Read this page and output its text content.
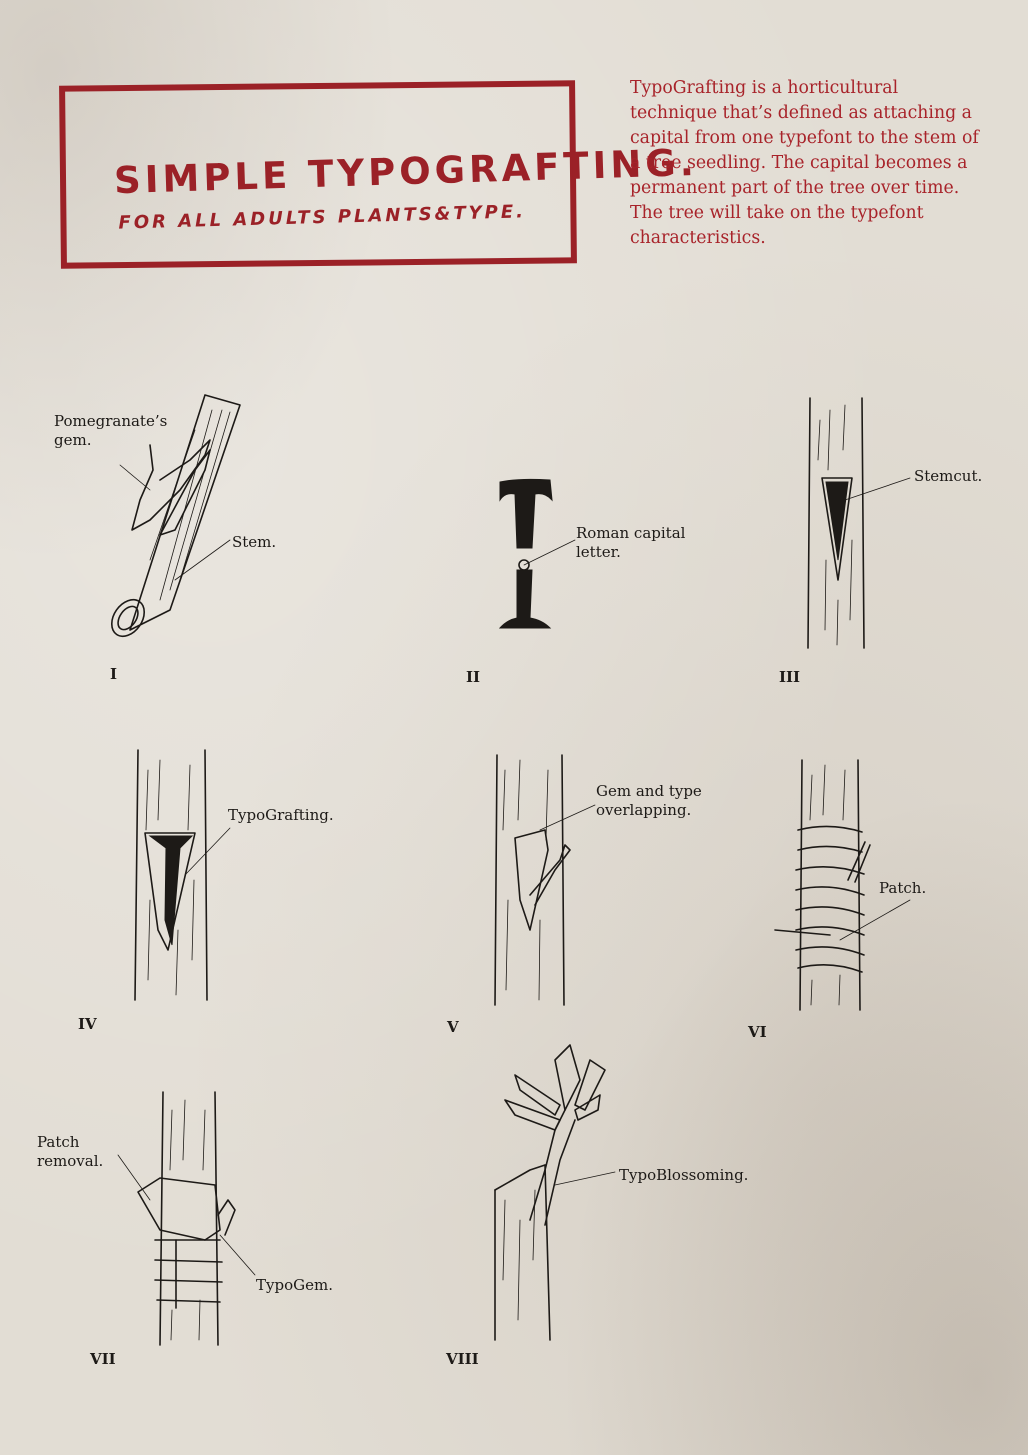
SIMPLE TYPOGRAFTING.
FOR ALL ADULTS PLANTS&TYPE.
TypoGrafting is a horticultural technique that’s defined as attaching a capital from one typefont to the stem of a tree seedling. The capital becomes a permanent part of the tree over time. The tree will take on the typefont characteristics.
Pomegranate’s gem.
Stem.
I
Roman capital letter.
II
Stemcut.
III
TypoGrafting.
IV
Gem and type overlapping.
V
Patch.
VI
Patch removal.
TypoGem.
VII
TypoBlossoming.
VIII
